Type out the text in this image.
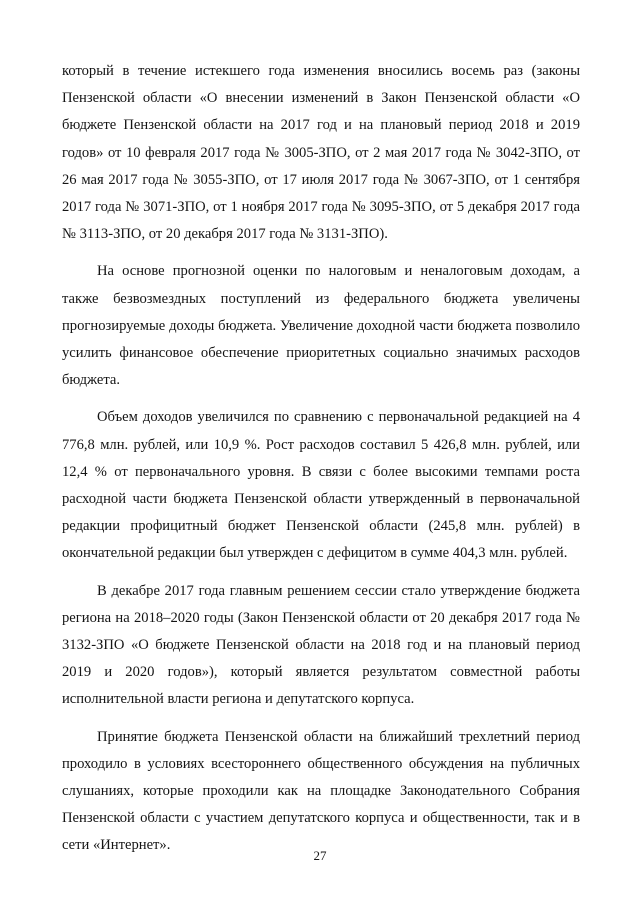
который в течение истекшего года изменения вносились восемь раз (законы Пензенской области «О внесении изменений в Закон Пензенской области «О бюджете Пензенской области на 2017 год и на плановый период 2018 и 2019 годов» от 10 февраля 2017 года № 3005-ЗПО, от 2 мая 2017 года № 3042-ЗПО, от 26 мая 2017 года № 3055-ЗПО, от 17 июля 2017 года № 3067-ЗПО, от 1 сентября 2017 года № 3071-ЗПО, от 1 ноября 2017 года № 3095-ЗПО, от 5 декабря 2017 года № 3113-ЗПО, от 20 декабря 2017 года № 3131-ЗПО).

На основе прогнозной оценки по налоговым и неналоговым доходам, а также безвозмездных поступлений из федерального бюджета увеличены прогнозируемые доходы бюджета. Увеличение доходной части бюджета позволило усилить финансовое обеспечение приоритетных социально значимых расходов бюджета.

Объем доходов увеличился по сравнению с первоначальной редакцией на 4 776,8 млн. рублей, или 10,9 %. Рост расходов составил 5 426,8 млн. рублей, или 12,4 % от первоначального уровня. В связи с более высокими темпами роста расходной части бюджета Пензенской области утвержденный в первоначальной редакции профицитный бюджет Пензенской области (245,8 млн. рублей) в окончательной редакции был утвержден с дефицитом в сумме 404,3 млн. рублей.

В декабре 2017 года главным решением сессии стало утверждение бюджета региона на 2018–2020 годы (Закон Пензенской области от 20 декабря 2017 года № 3132-ЗПО «О бюджете Пензенской области на 2018 год и на плановый период 2019 и 2020 годов»), который является результатом совместной работы исполнительной власти региона и депутатского корпуса.

Принятие бюджета Пензенской области на ближайший трехлетний период проходило в условиях всестороннего общественного обсуждения на публичных слушаниях, которые проходили как на площадке Законодательного Собрания Пензенской области с участием депутатского корпуса и общественности, так и в сети «Интернет».

27
